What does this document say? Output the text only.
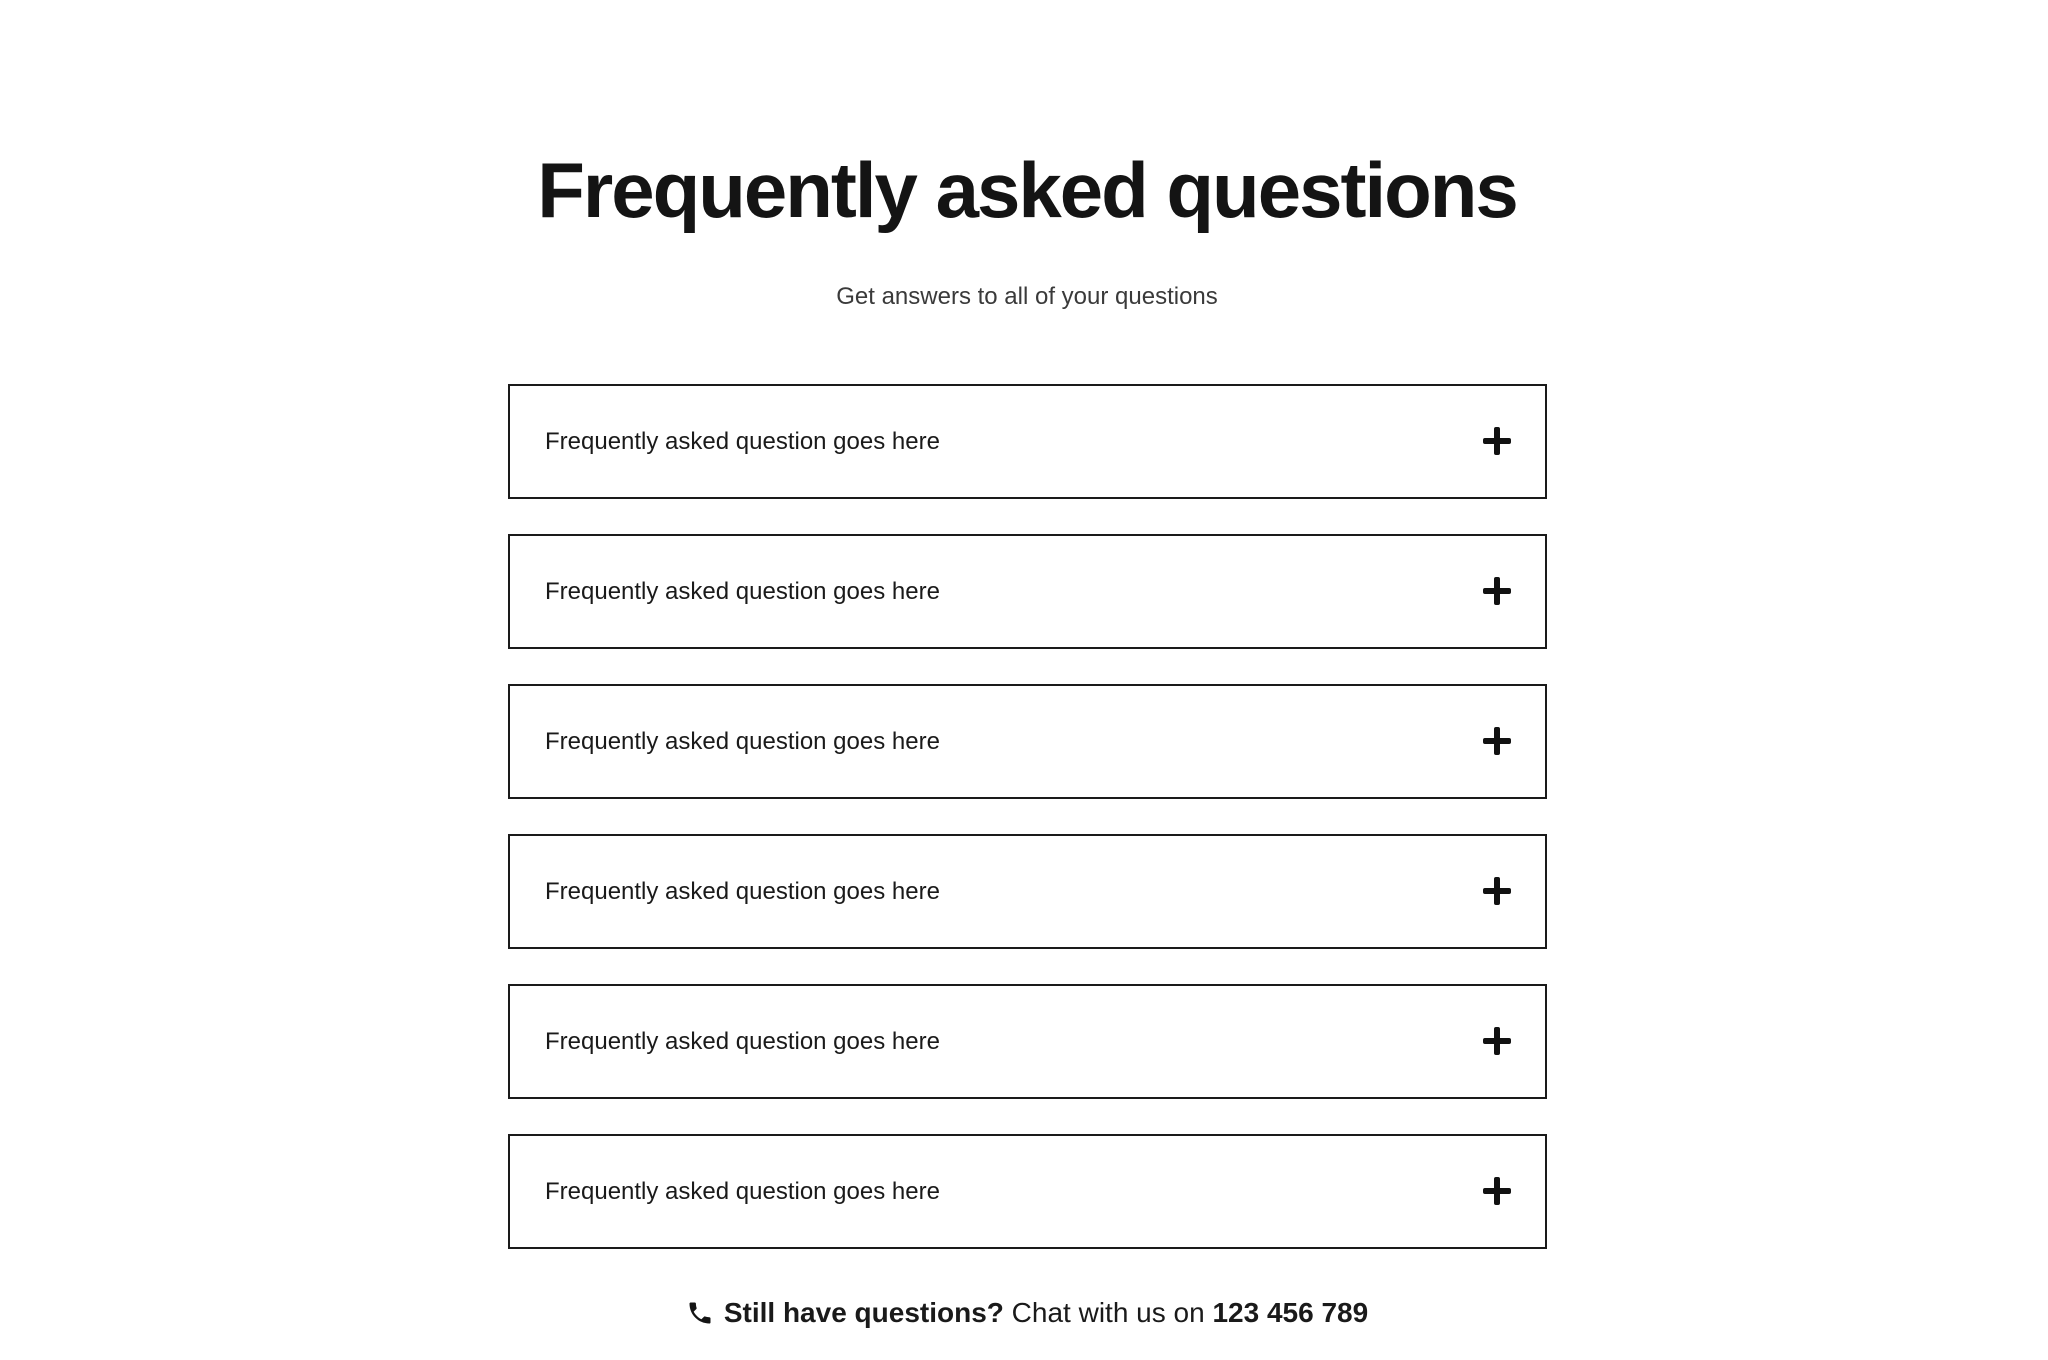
Frequently asked questions
Get answers to all of your questions
Frequently asked question goes here
Frequently asked question goes here
Frequently asked question goes here
Frequently asked question goes here
Frequently asked question goes here
Frequently asked question goes here
Still have questions? Chat with us on 123 456 789
